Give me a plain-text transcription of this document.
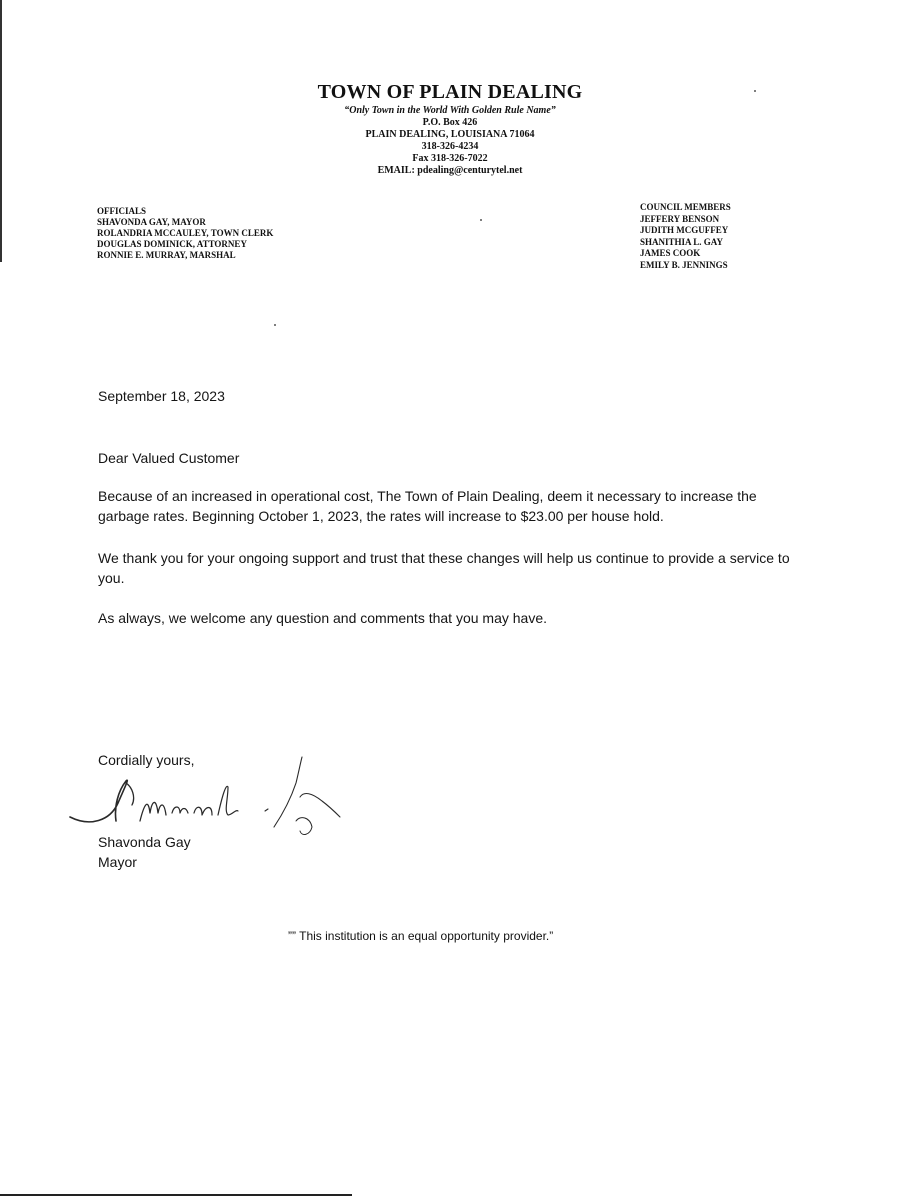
TOWN OF PLAIN DEALING
“Only Town in the World With Golden Rule Name”
P.O. Box 426
PLAIN DEALING, LOUISIANA 71064
318-326-4234
Fax 318-326-7022
EMAIL: pdealing@centurytel.net
OFFICIALS
SHAVONDA GAY, MAYOR
ROLANDRIA MCCAULEY, TOWN CLERK
DOUGLAS DOMINICK, ATTORNEY
RONNIE E. MURRAY, MARSHAL
COUNCIL MEMBERS
JEFFERY BENSON
JUDITH MCGUFFEY
SHANITHIA L. GAY
JAMES COOK
EMILY B. JENNINGS
September 18, 2023
Dear Valued Customer
Because of an increased in operational cost, The Town of Plain Dealing, deem it necessary to increase the garbage rates. Beginning October 1, 2023, the rates will increase to $23.00 per house hold.
We thank you for your ongoing support and trust that these changes will help us continue to provide a service to you.
As always, we welcome any question and comments that you may have.
Cordially yours,
Shavonda Gay
Mayor
”” This institution is an equal opportunity provider.”
